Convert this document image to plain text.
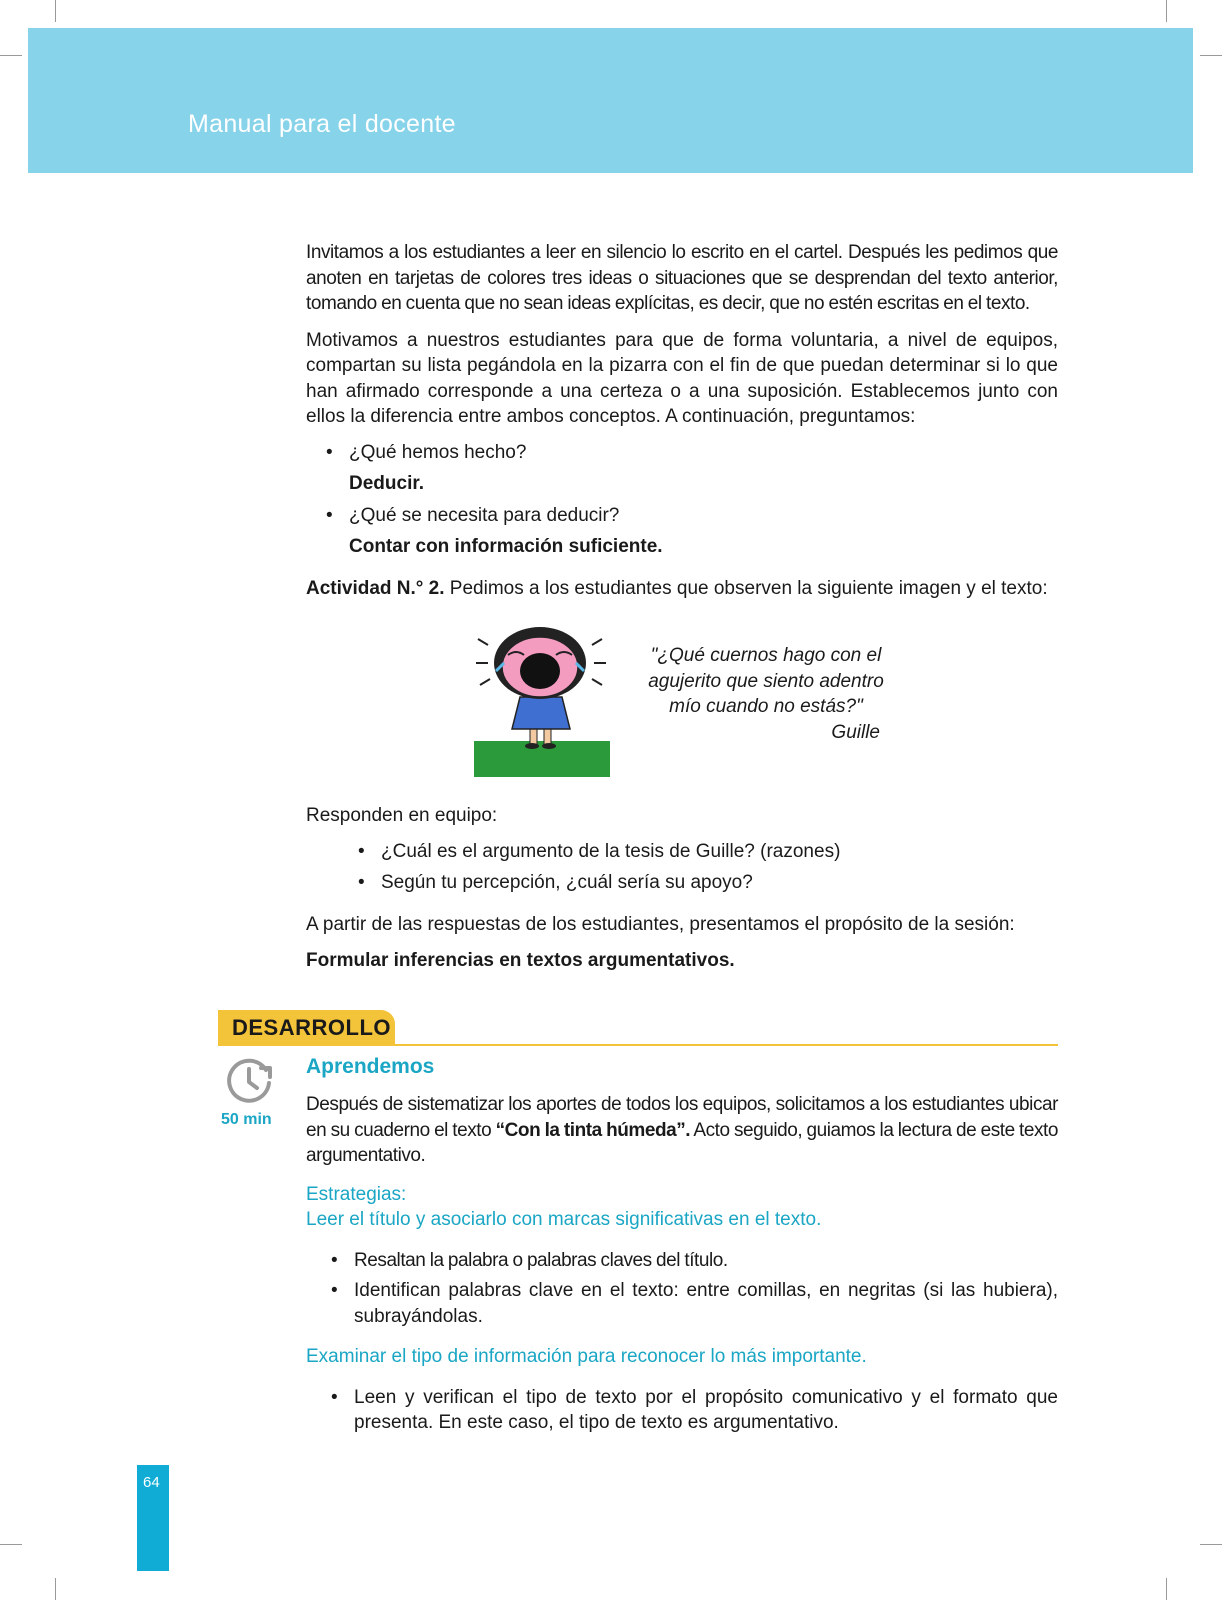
Manual para el docente

Invitamos a los estudiantes a leer en silencio lo escrito en el cartel. Después les pedimos que anoten en tarjetas de colores tres ideas o situaciones que se desprendan del texto anterior, tomando en cuenta que no sean ideas explícitas, es decir, que no estén escritas en el texto.

Motivamos a nuestros estudiantes para que de forma voluntaria, a nivel de equipos, compartan su lista pegándola en la pizarra con el fin de que puedan determinar si lo que han afirmado corresponde a una certeza o a una suposición. Establecemos junto con ellos la diferencia entre ambos conceptos. A continuación, preguntamos:

• ¿Qué hemos hecho?

Deducir.

• ¿Qué se necesita para deducir?

Contar con información suficiente.

Actividad N.° 2. Pedimos a los estudiantes que observen la siguiente imagen y el texto:

"¿Qué cuernos hago con el
agujerito que siento adentro
mío cuando no estás?"
Guille

Responden en equipo:

• ¿Cuál es el argumento de la tesis de Guille? (razones)
• Según tu percepción, ¿cuál sería su apoyo?

A partir de las respuestas de los estudiantes, presentamos el propósito de la sesión:

Formular inferencias en textos argumentativos.

DESARROLLO
50 min
Aprendemos

Después de sistematizar los aportes de todos los equipos, solicitamos a los estudiantes ubicar en su cuaderno el texto “Con la tinta húmeda”. Acto seguido, guiamos la lectura de este texto argumentativo.

Estrategias:

Leer el título y asociarlo con marcas significativas en el texto.

• Resaltan la palabra o palabras claves del título.
• Identifican palabras clave en el texto: entre comillas, en negritas (si las hubiera), subrayándolas.

Examinar el tipo de información para reconocer lo más importante.

• Leen y verifican el tipo de texto por el propósito comunicativo y el formato que presenta. En este caso, el tipo de texto es argumentativo.
64
